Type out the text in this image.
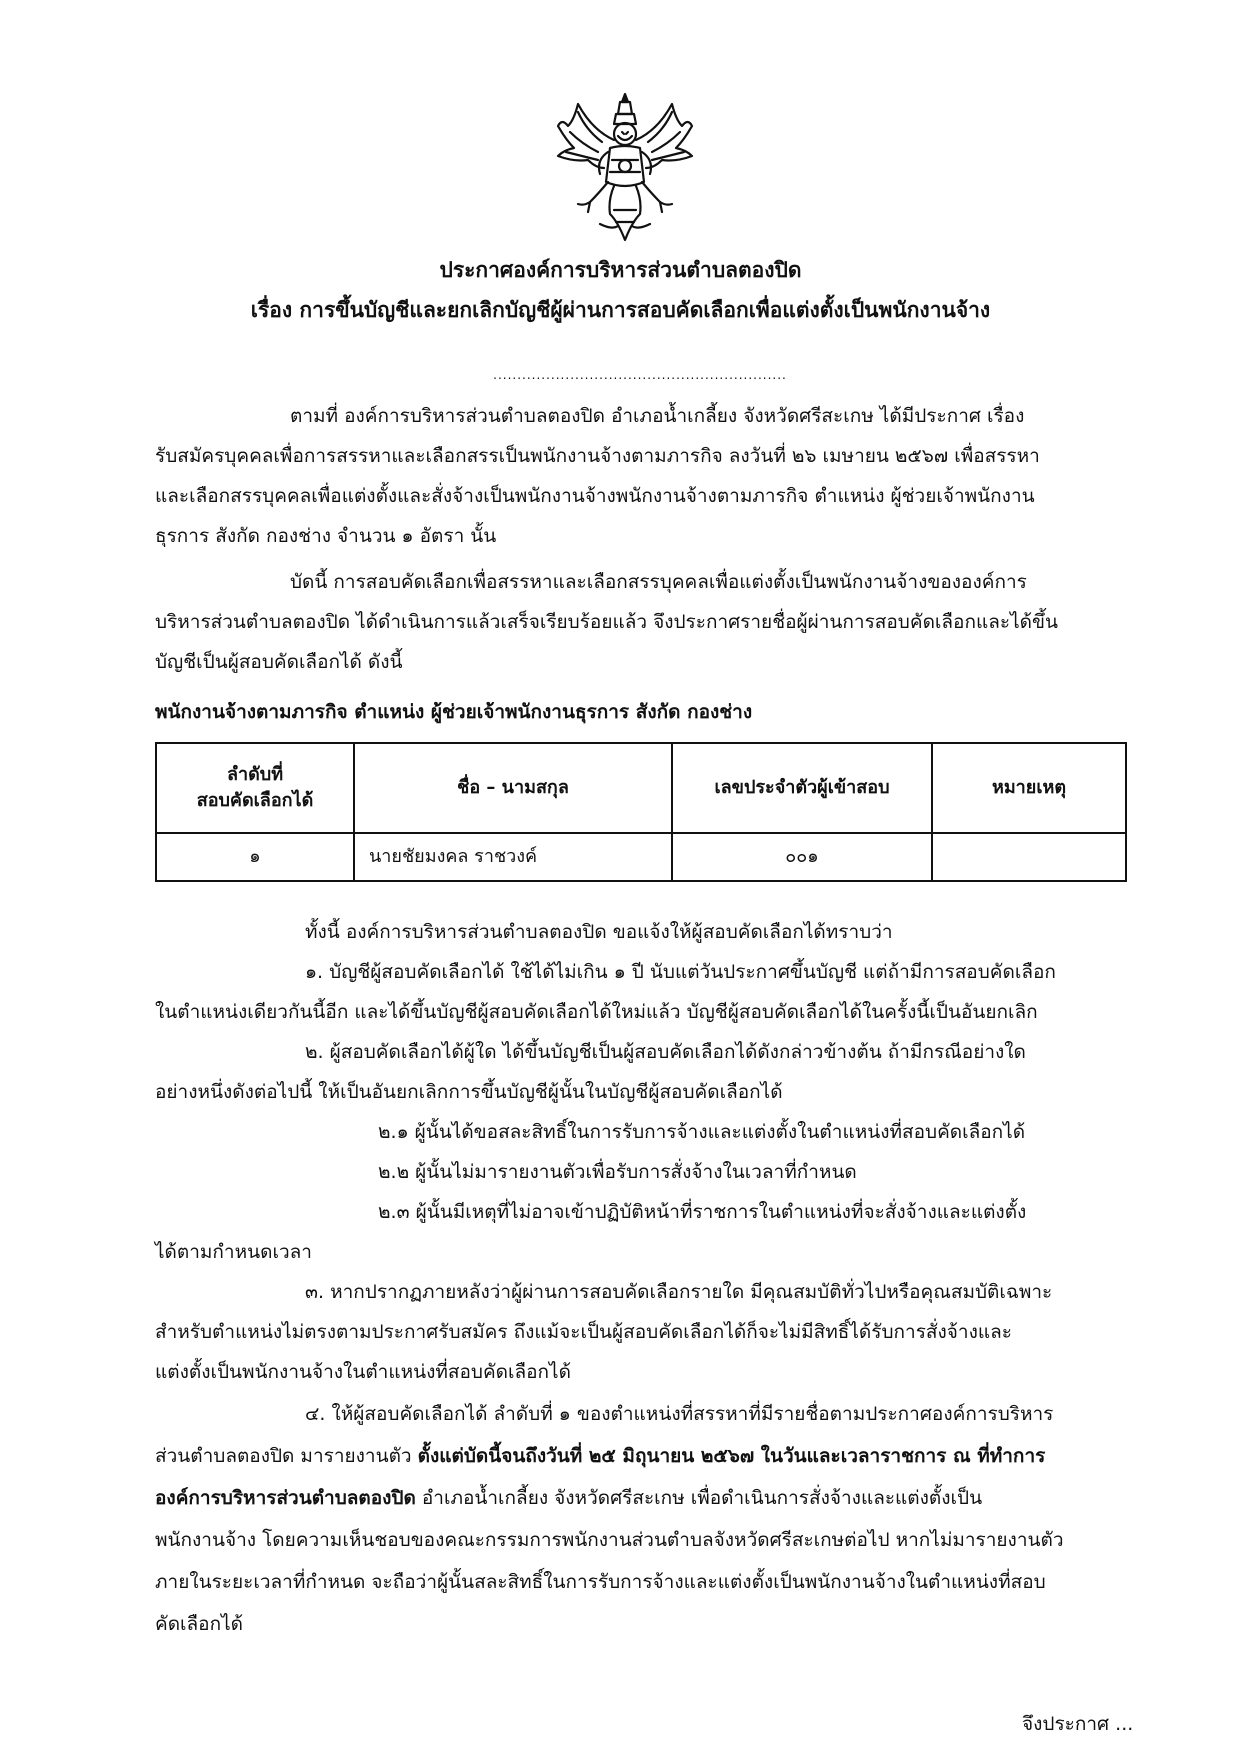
ประกาศองค์การบริหารส่วนตำบลตองปิด
เรื่อง การขึ้นบัญชีและยกเลิกบัญชีผู้ผ่านการสอบคัดเลือกเพื่อแต่งตั้งเป็นพนักงานจ้าง
.............................................................
ตามที่ องค์การบริหารส่วนตำบลตองปิด อำเภอน้ำเกลี้ยง จังหวัดศรีสะเกษ ได้มีประกาศ เรื่อง
รับสมัครบุคคลเพื่อการสรรหาและเลือกสรรเป็นพนักงานจ้างตามภารกิจ ลงวันที่ ๒๖ เมษายน ๒๕๖๗ เพื่อสรรหา
และเลือกสรรบุคคลเพื่อแต่งตั้งและสั่งจ้างเป็นพนักงานจ้างพนักงานจ้างตามภารกิจ ตำแหน่ง ผู้ช่วยเจ้าพนักงาน
ธุรการ สังกัด กองช่าง จำนวน ๑ อัตรา นั้น
บัดนี้ การสอบคัดเลือกเพื่อสรรหาและเลือกสรรบุคคลเพื่อแต่งตั้งเป็นพนักงานจ้างขององค์การ
บริหารส่วนตำบลตองปิด ได้ดำเนินการแล้วเสร็จเรียบร้อยแล้ว จึงประกาศรายชื่อผู้ผ่านการสอบคัดเลือกและได้ขึ้น
บัญชีเป็นผู้สอบคัดเลือกได้ ดังนี้
พนักงานจ้างตามภารกิจ ตำแหน่ง ผู้ช่วยเจ้าพนักงานธุรการ สังกัด กองช่าง
ลำดับที่
สอบคัดเลือกได้	ชื่อ – นามสกุล	เลขประจำตัวผู้เข้าสอบ	หมายเหตุ
๑	นายชัยมงคล ราชวงค์	๐๐๑	
ทั้งนี้ องค์การบริหารส่วนตำบลตองปิด ขอแจ้งให้ผู้สอบคัดเลือกได้ทราบว่า
๑. บัญชีผู้สอบคัดเลือกได้ ใช้ได้ไม่เกิน ๑ ปี นับแต่วันประกาศขึ้นบัญชี แต่ถ้ามีการสอบคัดเลือก
ในตำแหน่งเดียวกันนี้อีก และได้ขึ้นบัญชีผู้สอบคัดเลือกได้ใหม่แล้ว บัญชีผู้สอบคัดเลือกได้ในครั้งนี้เป็นอันยกเลิก
๒. ผู้สอบคัดเลือกได้ผู้ใด ได้ขึ้นบัญชีเป็นผู้สอบคัดเลือกได้ดังกล่าวข้างต้น ถ้ามีกรณีอย่างใด
อย่างหนึ่งดังต่อไปนี้ ให้เป็นอันยกเลิกการขึ้นบัญชีผู้นั้นในบัญชีผู้สอบคัดเลือกได้
๒.๑ ผู้นั้นได้ขอสละสิทธิ์ในการรับการจ้างและแต่งตั้งในตำแหน่งที่สอบคัดเลือกได้
๒.๒ ผู้นั้นไม่มารายงานตัวเพื่อรับการสั่งจ้างในเวลาที่กำหนด
๒.๓ ผู้นั้นมีเหตุที่ไม่อาจเข้าปฏิบัติหน้าที่ราชการในตำแหน่งที่จะสั่งจ้างและแต่งตั้ง
ได้ตามกำหนดเวลา
๓. หากปรากฏภายหลังว่าผู้ผ่านการสอบคัดเลือกรายใด มีคุณสมบัติทั่วไปหรือคุณสมบัติเฉพาะ
สำหรับตำแหน่งไม่ตรงตามประกาศรับสมัคร ถึงแม้จะเป็นผู้สอบคัดเลือกได้ก็จะไม่มีสิทธิ์ได้รับการสั่งจ้างและ
แต่งตั้งเป็นพนักงานจ้างในตำแหน่งที่สอบคัดเลือกได้
๔. ให้ผู้สอบคัดเลือกได้ ลำดับที่ ๑ ของตำแหน่งที่สรรหาที่มีรายชื่อตามประกาศองค์การบริหาร
ส่วนตำบลตองปิด มารายงานตัว ตั้งแต่บัดนี้จนถึงวันที่ ๒๕ มิถุนายน ๒๕๖๗ ในวันและเวลาราชการ ณ ที่ทำการ
องค์การบริหารส่วนตำบลตองปิด อำเภอน้ำเกลี้ยง จังหวัดศรีสะเกษ เพื่อดำเนินการสั่งจ้างและแต่งตั้งเป็น
พนักงานจ้าง โดยความเห็นชอบของคณะกรรมการพนักงานส่วนตำบลจังหวัดศรีสะเกษต่อไป หากไม่มารายงานตัว
ภายในระยะเวลาที่กำหนด จะถือว่าผู้นั้นสละสิทธิ์ในการรับการจ้างและแต่งตั้งเป็นพนักงานจ้างในตำแหน่งที่สอบ
คัดเลือกได้
จึงประกาศ ...
